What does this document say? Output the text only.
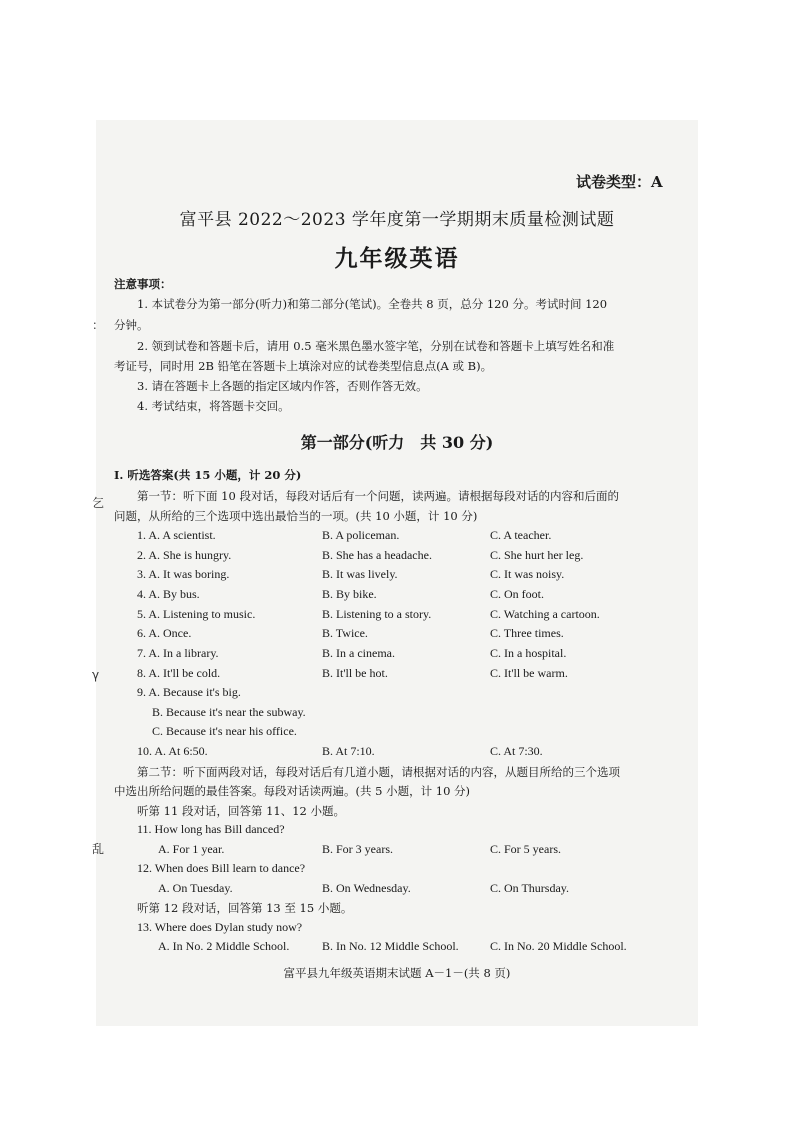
试卷类型：A
富平县 2022～2023 学年度第一学期期末质量检测试题
九年级英语
注意事项：
1. 本试卷分为第一部分(听力)和第二部分(笔试)。全卷共 8 页，总分 120 分。考试时间 120
分钟。
2. 领到试卷和答题卡后，请用 0.5 毫米黑色墨水签字笔，分别在试卷和答题卡上填写姓名和准
考证号，同时用 2B 铅笔在答题卡上填涂对应的试卷类型信息点(A 或 B)。
3. 请在答题卡上各题的指定区域内作答，否则作答无效。
4. 考试结束，将答题卡交回。
第一部分(听力　共 30 分)
Ⅰ. 听选答案(共 15 小题，计 20 分)
第一节：听下面 10 段对话，每段对话后有一个问题，读两遍。请根据每段对话的内容和后面的
问题，从所给的三个选项中选出最恰当的一项。(共 10 小题，计 10 分)
1. A. A scientist.	B. A policeman.	C. A teacher.
2. A. She is hungry.	B. She has a headache.	C. She hurt her leg.
3. A. It was boring.	B. It was lively.	C. It was noisy.
4. A. By bus.	B. By bike.	C. On foot.
5. A. Listening to music.	B. Listening to a story.	C. Watching a cartoon.
6. A. Once.	B. Twice.	C. Three times.
7. A. In a library.	B. In a cinema.	C. In a hospital.
8. A. It'll be cold.	B. It'll be hot.	C. It'll be warm.
9. A. Because it's big.
B. Because it's near the subway.
C. Because it's near his office.
10. A. At 6:50.	B. At 7:10.	C. At 7:30.
第二节：听下面两段对话，每段对话后有几道小题，请根据对话的内容，从题目所给的三个选项
中选出所给问题的最佳答案。每段对话读两遍。(共 5 小题，计 10 分)
听第 11 段对话，回答第 11、12 小题。
11. How long has Bill danced?
A. For 1 year.	B. For 3 years.	C. For 5 years.
12. When does Bill learn to dance?
A. On Tuesday.	B. On Wednesday.	C. On Thursday.
听第 12 段对话，回答第 13 至 15 小题。
13. Where does Dylan study now?
A. In No. 2 Middle School.	B. In No. 12 Middle School.	C. In No. 20 Middle School.
富平县九年级英语期末试题 A－1－(共 8 页)
：
乞
γ
乱
